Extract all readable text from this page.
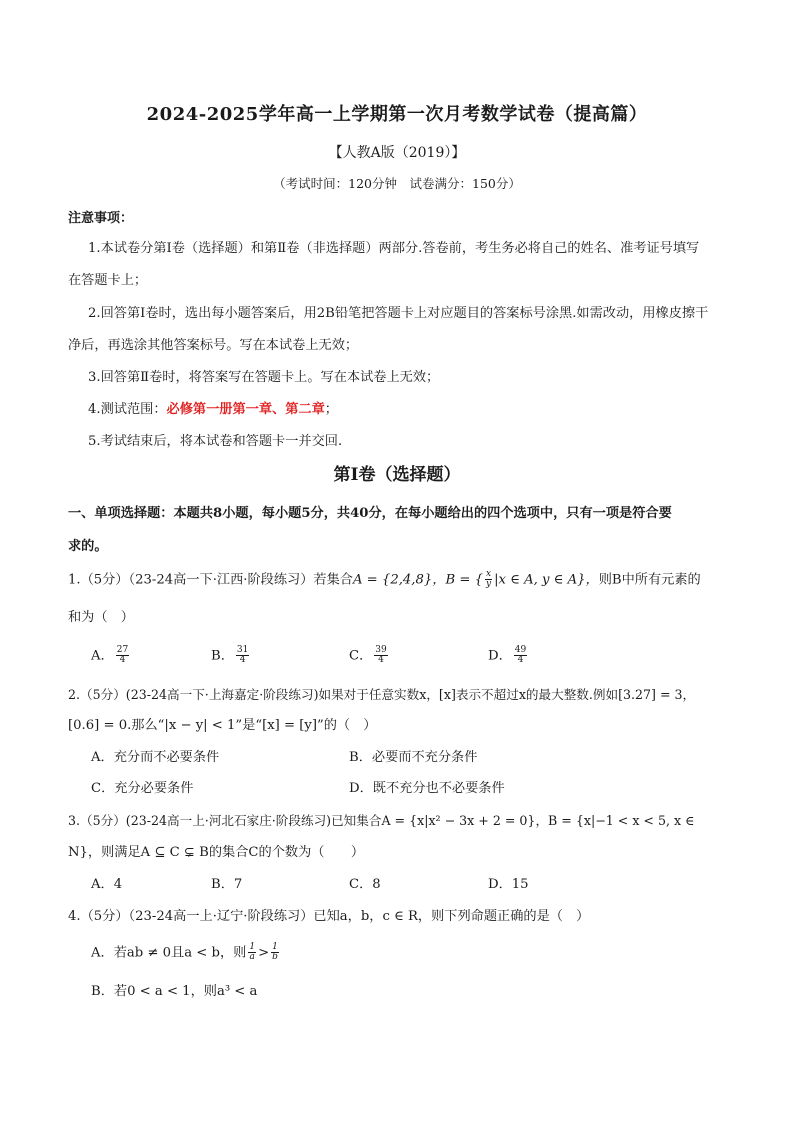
2024-2025学年高一上学期第一次月考数学试卷（提高篇）
【人教A版（2019）】
（考试时间：120分钟　试卷满分：150分）
注意事项：
1.本试卷分第Ⅰ卷（选择题）和第Ⅱ卷（非选择题）两部分.答卷前，考生务必将自己的姓名、准考证号填写
在答题卡上；
2.回答第Ⅰ卷时，选出每小题答案后，用2B铅笔把答题卡上对应题目的答案标号涂黑.如需改动，用橡皮擦干
净后，再选涂其他答案标号。写在本试卷上无效；
3.回答第Ⅱ卷时，将答案写在答题卡上。写在本试卷上无效；
4.测试范围：必修第一册第一章、第二章；
5.考试结束后，将本试卷和答题卡一并交回.
第I卷（选择题）
一、单项选择题：本题共8小题，每小题5分，共40分，在每小题给出的四个选项中，只有一项是符合要
求的。
1.（5分）（23-24高一下·江西·阶段练习）若集合A = {2,4,8}，B = { $\frac{x}{y} |x$ ∈ A, y ∈ A}，则B中所有元素的
和为（　）
A． $\frac{27}{4}$	B． $\frac{31}{4}$	C． $\frac{39}{4}$	D． $\frac{49}{4}$
2.（5分）(23-24高一下·上海嘉定·阶段练习)如果对于任意实数x，[x]表示不超过x的最大整数.例如[3.27] = 3，
[0.6] = 0.那么“|x − y| < 1”是“[x] = [y]”的（　）
A．充分而不必要条件	B．必要而不充分条件
C．充分必要条件	D．既不充分也不必要条件
3.（5分）(23-24高一上·河北石家庄·阶段练习)已知集合A = {x|x² − 3x + 2 = 0}，B = {x|−1 < x < 5, x ∈
N}，则满足A ⊆ C ⊊ B的集合C的个数为（　　）
A．4	B．7	C．8	D．15
4.（5分）（23-24高一上·辽宁·阶段练习）已知a，b，c ∈ R，则下列命题正确的是（　）
A．若ab ≠ 0且a < b，则 $\frac{1}{a} > \frac{1}{b}$
B．若0 < a < 1，则a³ < a
